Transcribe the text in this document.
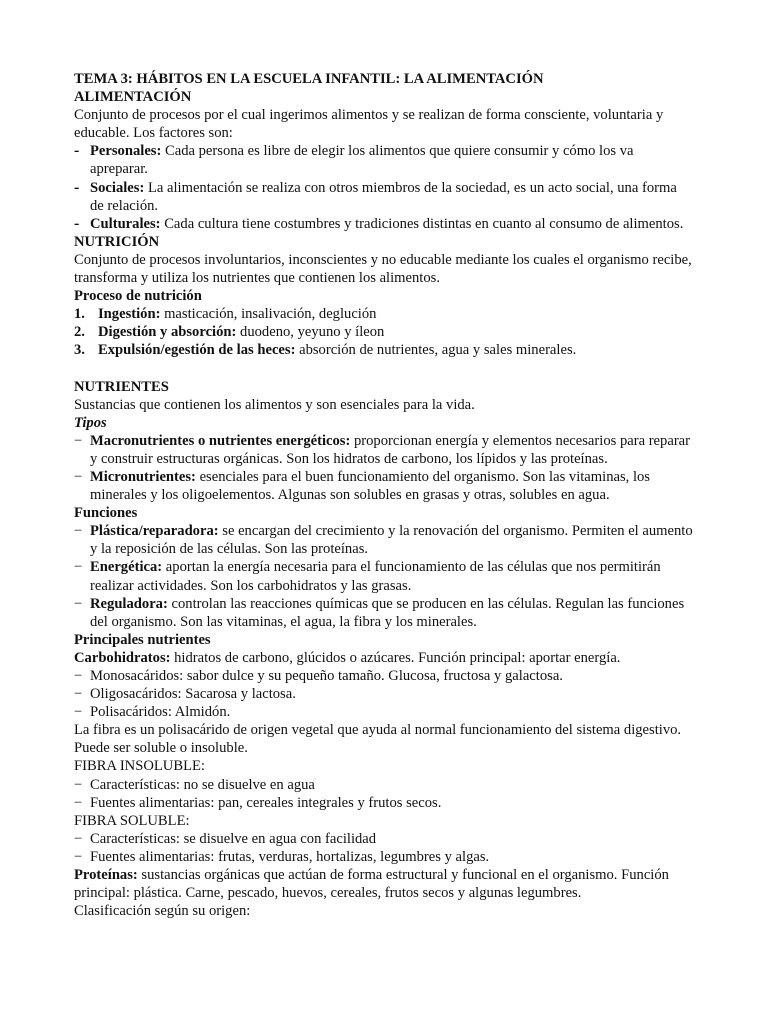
TEMA 3: HÁBITOS EN LA ESCUELA INFANTIL: LA ALIMENTACIÓN

ALIMENTACIÓN

Conjunto de procesos por el cual ingerimos alimentos y se realizan de forma consciente, voluntaria y educable. Los factores son:

- Personales: Cada persona es libre de elegir los alimentos que quiere consumir y cómo los va apreparar.

- Sociales: La alimentación se realiza con otros miembros de la sociedad, es un acto social, una forma de relación.

- Culturales: Cada cultura tiene costumbres y tradiciones distintas en cuanto al consumo de alimentos.

NUTRICIÓN

Conjunto de procesos involuntarios, inconscientes y no educable mediante los cuales el organismo recibe, transforma y utiliza los nutrientes que contienen los alimentos.

Proceso de nutrición

1. Ingestión: masticación, insalivación, deglución

2. Digestión y absorción: duodeno, yeyuno y íleon

3. Expulsión/egestión de las heces: absorción de nutrientes, agua y sales minerales.

NUTRIENTES

Sustancias que contienen los alimentos y son esenciales para la vida.

Tipos

− Macronutrientes o nutrientes energéticos: proporcionan energía y elementos necesarios para reparar y construir estructuras orgánicas. Son los hidratos de carbono, los lípidos y las proteínas.

− Micronutrientes: esenciales para el buen funcionamiento del organismo. Son las vitaminas, los minerales y los oligoelementos. Algunas son solubles en grasas y otras, solubles en agua.

Funciones

− Plástica/reparadora: se encargan del crecimiento y la renovación del organismo. Permiten el aumento y la reposición de las células. Son las proteínas.

− Energética: aportan la energía necesaria para el funcionamiento de las células que nos permitirán realizar actividades. Son los carbohidratos y las grasas.

− Reguladora: controlan las reacciones químicas que se producen en las células. Regulan las funciones del organismo. Son las vitaminas, el agua, la fibra y los minerales.

Principales nutrientes

Carbohidratos: hidratos de carbono, glúcidos o azúcares. Función principal: aportar energía.

− Monosacáridos: sabor dulce y su pequeño tamaño. Glucosa, fructosa y galactosa.

− Oligosacáridos: Sacarosa y lactosa.

− Polisacáridos: Almidón.

La fibra es un polisacárido de origen vegetal que ayuda al normal funcionamiento del sistema digestivo. Puede ser soluble o insoluble.

FIBRA INSOLUBLE:

− Características: no se disuelve en agua

− Fuentes alimentarias: pan, cereales integrales y frutos secos.

FIBRA SOLUBLE:

− Características: se disuelve en agua con facilidad

− Fuentes alimentarias: frutas, verduras, hortalizas, legumbres y algas.

Proteínas: sustancias orgánicas que actúan de forma estructural y funcional en el organismo. Función principal: plástica. Carne, pescado, huevos, cereales, frutos secos y algunas legumbres.

Clasificación según su origen:
